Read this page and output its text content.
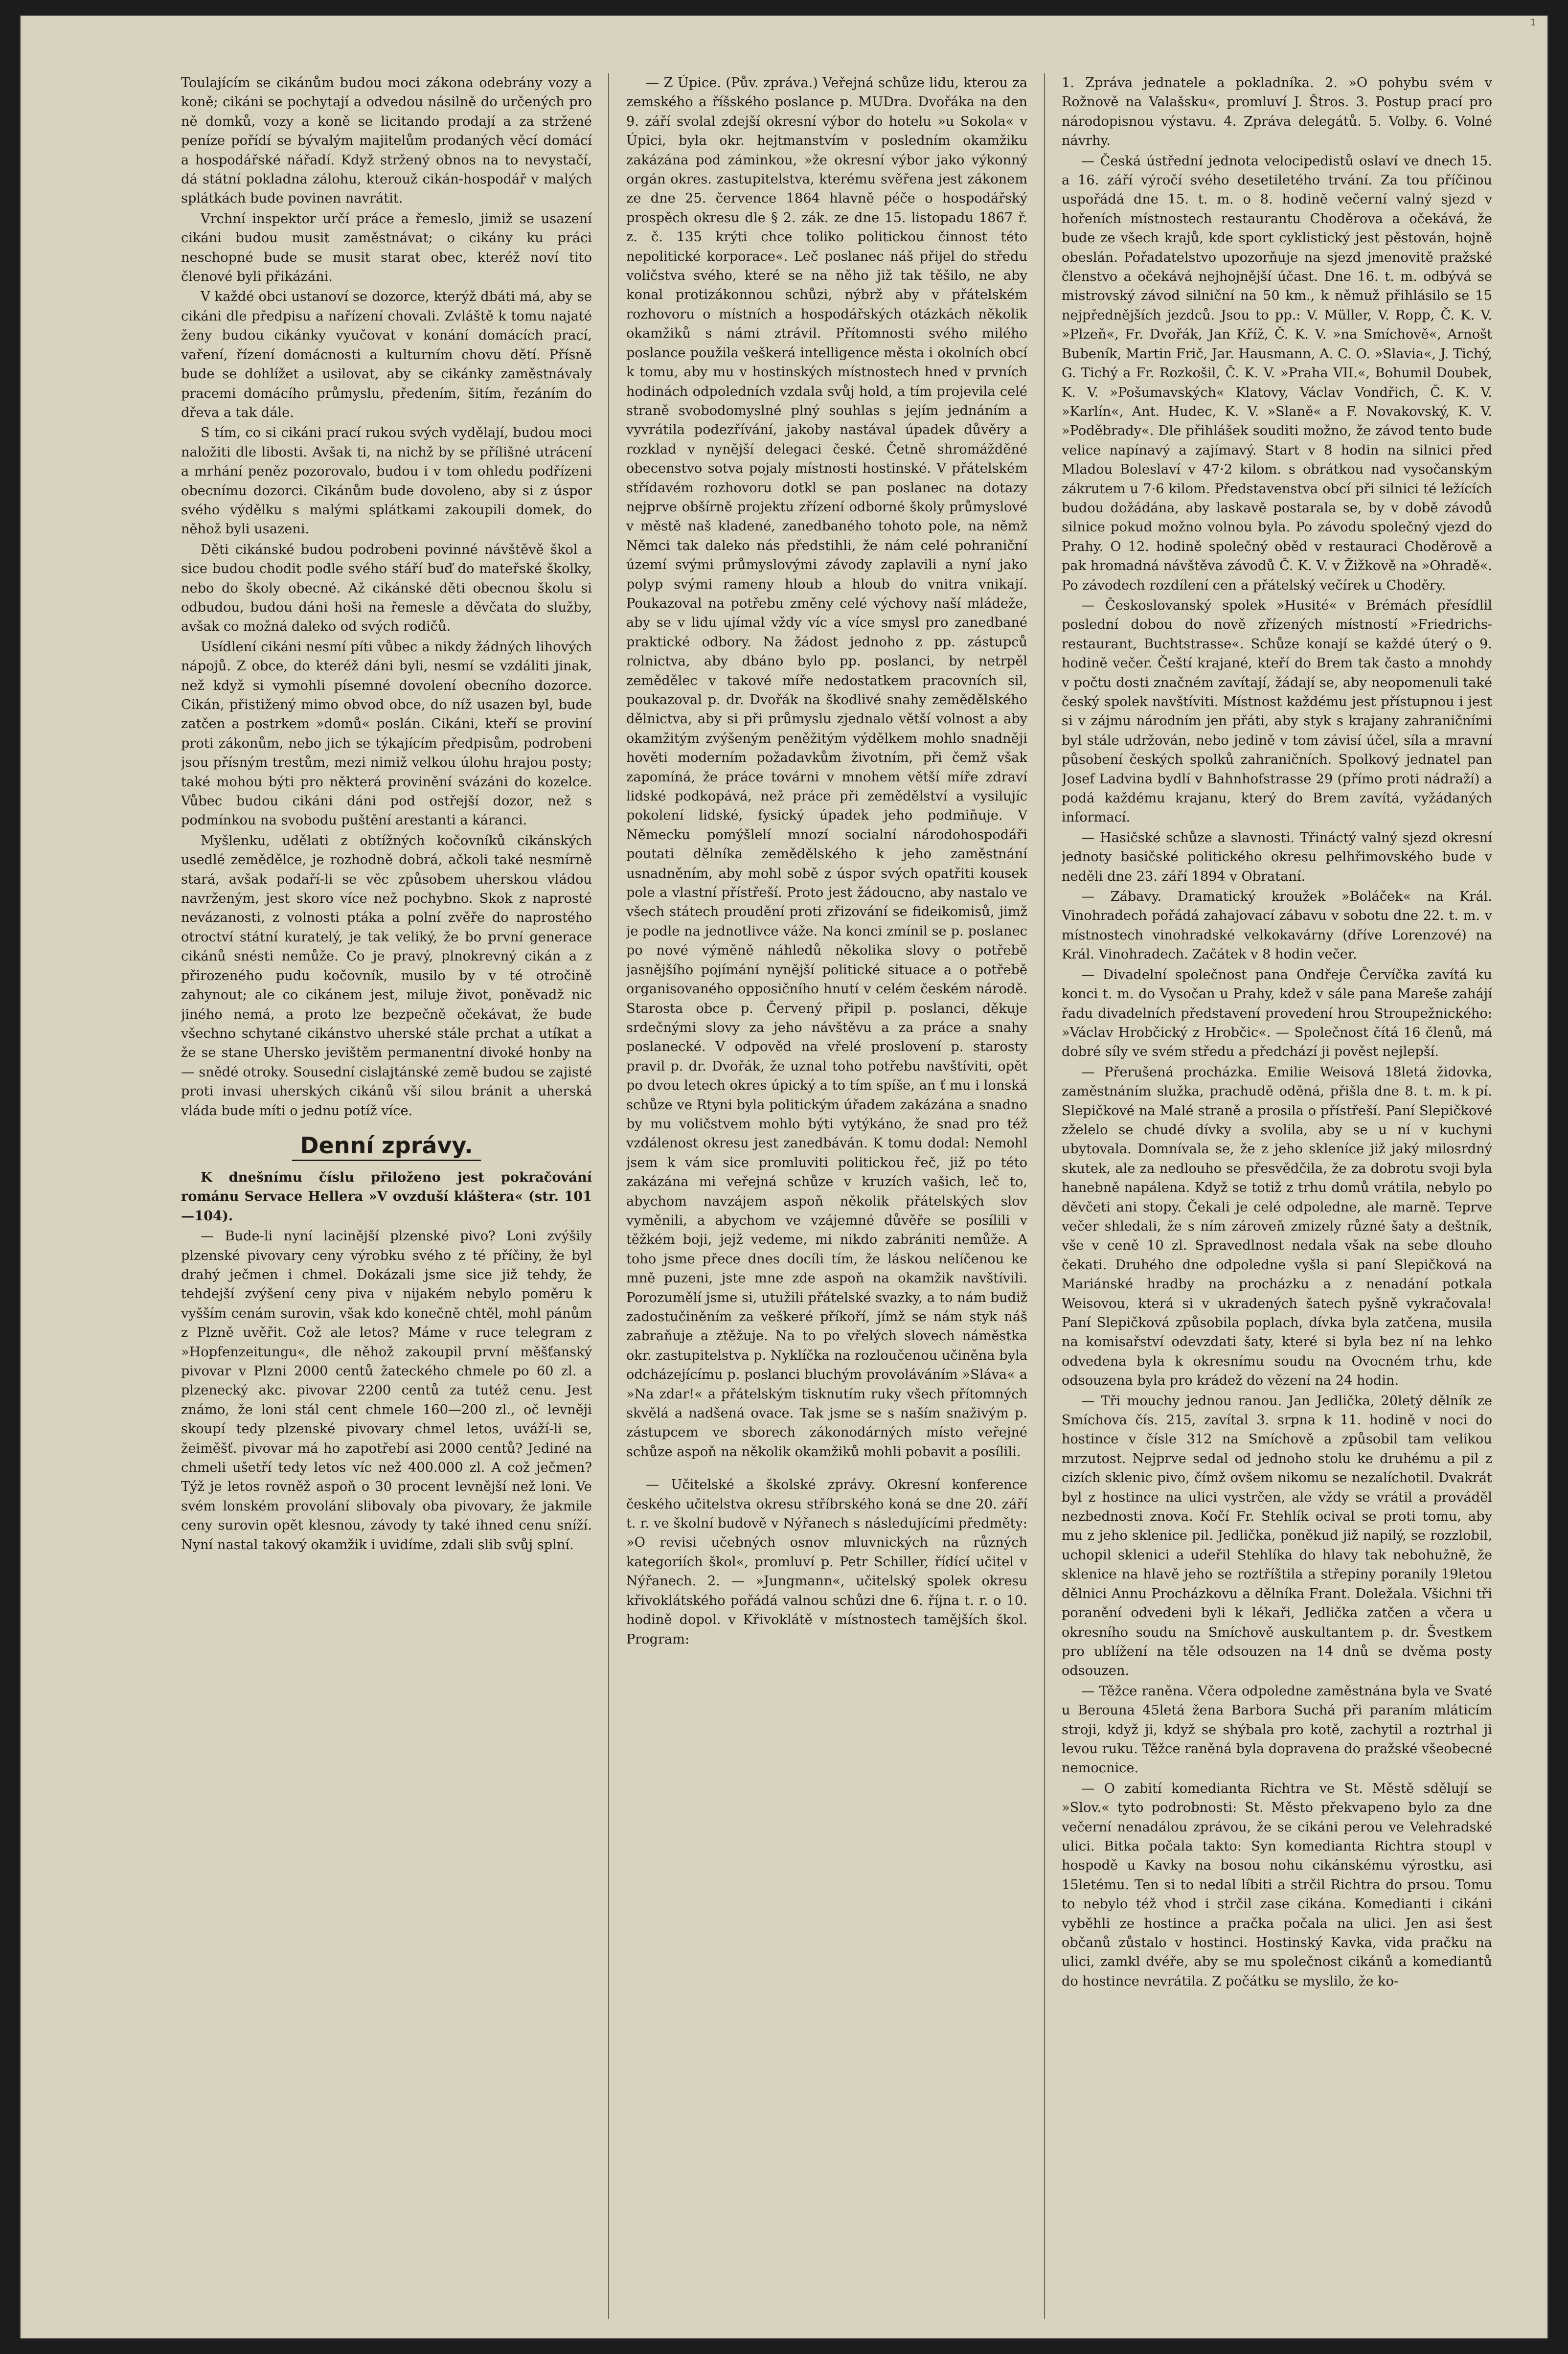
1

Toulajícím se cikánům budou moci zákona odebrány vozy a koně; cikáni se pochytají a odvedou násilně do určených pro ně domků, vozy a koně se licitando prodají a za stržené peníze pořídí se bývalým majitelům prodaných věcí domácí a hospodářské nářadí. Když stržený obnos na to nevystačí, dá státní pokladna zálohu, kterouž cikán-hospodář v malých splátkách bude povinen navrátit.

Vrchní inspektor určí práce a řemeslo, jimiž se usazení cikáni budou musit zaměstnávat; o cikány ku práci neschopné bude se musit starat obec, kteréž noví tito členové byli přikázáni.

V každé obci ustanoví se dozorce, kterýž dbáti má, aby se cikáni dle předpisu a nařízení chovali. Zvláště k tomu najaté ženy budou cikánky vyučovat v konání domácích prací, vaření, řízení domácnosti a kulturním chovu dětí. Přísně bude se dohlížet a usilovat, aby se cikánky zaměstnávaly pracemi domácího průmyslu, předením, šitím, řezáním do dřeva a tak dále.

S tím, co si cikáni prací rukou svých vydělají, budou moci naložiti dle libosti. Avšak ti, na nichž by se přílišné utrácení a mrhání peněz pozorovalo, budou i v tom ohledu podřízeni obecnímu dozorci. Cikánům bude dovoleno, aby si z úspor svého výdělku s malými splátkami zakoupili domek, do něhož byli usazeni.

Děti cikánské budou podrobeni povinné návštěvě škol a sice budou chodit podle svého stáří buď do mateřské školky, nebo do školy obecné. Až cikánské děti obecnou školu si odbudou, budou dáni hoši na řemesle a děvčata do služby, avšak co možná daleko od svých rodičů.

Usídlení cikáni nesmí píti vůbec a nikdy žádných lihových nápojů. Z obce, do kteréž dáni byli, nesmí se vzdáliti jinak, než když si vymohli písemné dovolení obecního dozorce. Cikán, přistižený mimo obvod obce, do níž usazen byl, bude zatčen a postrkem »domů« poslán. Cikáni, kteří se proviní proti zákonům, nebo jich se týkajícím předpisům, podrobeni jsou přísným trestům, mezi nimiž velkou úlohu hrajou posty; také mohou býti pro některá provinění svázáni do kozelce. Vůbec budou cikáni dáni pod ostřejší dozor, než s podmínkou na svobodu puštění arestanti a káranci.

Myšlenku, udělati z obtížných kočovníků cikánských usedlé zemědělce, je rozhodně dobrá, ačkoli také nesmírně stará, avšak podaří-li se věc způsobem uherskou vládou navrženým, jest skoro více než pochybno. Skok z naprosté nevázanosti, z volnosti ptáka a polní zvěře do naprostého otroctví státní kuratelý, je tak veliký, že bo první generace cikánů snésti nemůže. Co je pravý, plnokrevný cikán a z přirozeného pudu kočovník, musilo by v té otročině zahynout; ale co cikánem jest, miluje život, poněvadž nic jiného nemá, a proto lze bezpečně očekávat, že bude všechno schytané cikánstvo uherské stále prchat a utíkat a že se stane Uhersko jevištěm permanentní divoké honby na — snědé otroky. Sousední cislajtánské země budou se zajisté proti invasi uherských cikánů vší silou bránit a uherská vláda bude míti o jednu potíž více.

Denní zprávy.

K dnešnímu číslu přiloženo jest pokračování románu Servace Hellera »V ovzduší kláštera« (str. 101—104).

— Bude-li nyní lacinější plzenské pivo? Loni zvýšily plzenské pivovary ceny výrobku svého z té příčiny, že byl drahý ječmen i chmel. Dokázali jsme sice již tehdy, že tehdejší zvýšení ceny piva v nijakém nebylo poměru k vyšším cenám surovin, však kdo konečně chtěl, mohl pánům z Plzně uvěřit. Což ale letos? Máme v ruce telegram z »Hopfenzeitungu«, dle něhož zakoupil první měšťanský pivovar v Plzni 2000 centů žateckého chmele po 60 zl. a plzenecký akc. pivovar 2200 centů za tutéž cenu. Jest známo, že loni stál cent chmele 160—200 zl., oč levněji skoupí tedy plzenské pivovary chmel letos, uváží-li se, žeiměšť. pivovar má ho zapotřebí asi 2000 centů? Jediné na chmeli ušetří tedy letos víc než 400.000 zl. A což ječmen? Týž je letos rovněž aspoň o 30 procent levnější než loni. Ve svém lonském provolání slibovaly oba pivovary, že jakmile ceny surovin opět klesnou, závody ty také ihned cenu sníží. Nyní nastal takový okamžik i uvidíme, zdali slib svůj splní.

— Z Úpice. (Pův. zpráva.) Veřejná schůze lidu, kterou za zemského a říšského poslance p. MUDra. Dvořáka na den 9. září svolal zdejší okresní výbor do hotelu »u Sokola« v Úpici, byla okr. hejtmanstvím v posledním okamžiku zakázána pod záminkou, »že okresní výbor jako výkonný orgán okres. zastupitelstva, kterému svěřena jest zákonem ze dne 25. července 1864 hlavně péče o hospodářský prospěch okresu dle § 2. zák. ze dne 15. listopadu 1867 ř. z. č. 135 krýti chce toliko politickou činnost této nepolitické korporace«. Leč poslanec náš přijel do středu voličstva svého, které se na něho již tak těšilo, ne aby konal protizákonnou schůzi, nýbrž aby v přátelském rozhovoru o místních a hospodářských otázkách několik okamžiků s námi ztrávil. Přítomnosti svého milého poslance použila veškerá intelligence města i okolních obcí k tomu, aby mu v hostinských místnostech hned v prvních hodinách odpoledních vzdala svůj hold, a tím projevila celé straně svobodomyslné plný souhlas s jejím jednáním a vyvrátila podezřívání, jakoby nastával úpadek důvěry a rozklad v nynější delegaci české. Četně shromážděné obecenstvo sotva pojaly místnosti hostinské. V přátelském střídavém rozhovoru dotkl se pan poslanec na dotazy nejprve obšírně projektu zřízení odborné školy průmyslové v městě naš kladené, zanedbaného tohoto pole, na němž Němci tak daleko nás předstihli, že nám celé pohraniční území svými průmyslovými závody zaplavili a nyní jako polyp svými rameny hloub a hloub do vnitra vnikají. Poukazoval na potřebu změny celé výchovy naší mládeže, aby se v lidu ujímal vždy víc a více smysl pro zanedbané praktické odbory. Na žádost jednoho z pp. zástupců rolnictva, aby dbáno bylo pp. poslanci, by netrpěl zemědělec v takové míře nedostatkem pracovních sil, poukazoval p. dr. Dvořák na škodlivé snahy zemědělského dělnictva, aby si při průmyslu zjednalo větší volnost a aby okamžitým zvýšeným peněžitým výdělkem mohlo snadněji hověti moderním požadavkům životním, při čemž však zapomíná, že práce továrni v mnohem větší míře zdraví lidské podkopává, než práce při zemědělství a vysilujíc pokolení lidské, fysický úpadek jeho podmiňuje. V Německu pomýšlelí mnozí socialní národohospodáři poutati dělníka zemědělského k jeho zaměstnání usnadněním, aby mohl sobě z úspor svých opatřiti kousek pole a vlastní přístřeší. Proto jest žádoucno, aby nastalo ve všech státech proudění proti zřizování se fideikomisů, jimž je podle na jednotlivce váže. Na konci zmínil se p. poslanec po nové výměně náhledů několika slovy o potřebě jasnějšího pojímání nynější politické situace a o potřebě organisovaného opposičního hnutí v celém českém národě. Starosta obce p. Červený připil p. poslanci, děkuje srdečnými slovy za jeho návštěvu a za práce a snahy poslanecké. V odpověd na vřelé proslovení p. starosty pravil p. dr. Dvořák, že uznal toho potřebu navštíviti, opět po dvou letech okres úpický a to tím spíše, an ť mu i lonská schůze ve Rtyni byla politickým úřadem zakázána a snadno by mu voličstvem mohlo býti vytýkáno, že snad pro též vzdálenost okresu jest zanedbáván. K tomu dodal: Nemohl jsem k vám sice promluviti politickou řeč, již po této zakázána mi veřejná schůze v kruzích vašich, leč to, abychom navzájem aspoň několik přátelských slov vyměnili, a abychom ve vzájemné důvěře se posílili v těžkém boji, jejž vedeme, mi nikdo zabrániti nemůže. A toho jsme přece dnes docíli tím, že láskou nelíčenou ke mně puzeni, jste mne zde aspoň na okamžik navštívili. Porozumělí jsme si, utužili přátelské svazky, a to nám budiž zadostučiněním za veškeré příkoří, jímž se nám styk náš zabraňuje a ztěžuje. Na to po vřelých slovech náměstka okr. zastupitelstva p. Nyklíčka na rozloučenou učiněna byla odcházejícímu p. poslanci bluchým provoláváním »Sláva« a »Na zdar!« a přátelským tisknutím ruky všech přítomných skvělá a nadšená ovace. Tak jsme se s naším snaživým p. zástupcem ve sborech zákonodárných místo veřejné schůze aspoň na několik okamžiků mohli pobavit a posílili.

— Učitelské a školské zprávy. Okresní konference českého učitelstva okresu stříbrského koná se dne 20. září t. r. ve školní budově v Nýřanech s následujícími předměty: »O revisi učebných osnov mluvnických na různých kategoriích škol«, promluví p. Petr Schiller, řídící učitel v Nýřanech. 2. — »Jungmann«, učitelský spolek okresu křivoklátského pořádá valnou schůzi dne 6. října t. r. o 10. hodině dopol. v Křivoklátě v místnostech tamějších škol. Program:

1. Zpráva jednatele a pokladníka. 2. »O pohybu svém v Rožnově na Valašsku«, promluví J. Štros. 3. Postup prací pro národopisnou výstavu. 4. Zpráva delegátů. 5. Volby. 6. Volné návrhy.

— Česká ústřední jednota velocipedistů oslaví ve dnech 15. a 16. září výročí svého desetiletého trvání. Za tou příčinou uspořádá dne 15. t. m. o 8. hodině večerní valný sjezd v hořeních místnostech restaurantu Choděrova a očekává, že bude ze všech krajů, kde sport cyklistický jest pěstován, hojně obeslán. Pořadatelstvo upozorňuje na sjezd jmenovitě pražské členstvo a očekává nejhojnější účast. Dne 16. t. m. odbývá se mistrovský závod silniční na 50 km., k němuž přihlásilo se 15 nejpřednějších jezdců. Jsou to pp.: V. Müller, V. Ropp, Č. K. V. »Plzeň«, Fr. Dvořák, Jan Kříž, Č. K. V. »na Smíchově«, Arnošt Bubeník, Martin Frič, Jar. Hausmann, A. C. O. »Slavia«, J. Tichý, G. Tichý a Fr. Rozkošil, Č. K. V. »Praha VII.«, Bohumil Doubek, K. V. »Pošumavských« Klatovy, Václav Vondřich, Č. K. V. »Karlín«, Ant. Hudec, K. V. »Slaně« a F. Novakovský, K. V. »Poděbrady«. Dle přihlášek souditi možno, že závod tento bude velice napínavý a zajímavý. Start v 8 hodin na silnici před Mladou Boleslaví v 47·2 kilom. s obrátkou nad vysočanským zákrutem u 7·6 kilom. Představenstva obcí při silnici té ležících budou dožádána, aby laskavě postarala se, by v době závodů silnice pokud možno volnou byla. Po závodu společný vjezd do Prahy. O 12. hodině společný oběd v restauraci Choděrově a pak hromadná návštěva závodů Č. K. V. v Žižkově na »Ohradě«. Po závodech rozdílení cen a přátelský večírek u Choděry.

— Českoslovanský spolek »Husité« v Brémách přesídlil poslední dobou do nově zřízených místností »Friedrichs-restaurant, Buchtstrasse«. Schůze konají se každé úterý o 9. hodině večer. Čeští krajané, kteří do Brem tak často a mnohdy v počtu dosti značném zavítají, žádají se, aby neopomenuli také český spolek navštíviti. Místnost každému jest přístupnou i jest si v zájmu národním jen přáti, aby styk s krajany zahraničními byl stále udržován, nebo jedině v tom závisí účel, síla a mravní působení českých spolků zahraničních. Spolkový jednatel pan Josef Ladvina bydlí v Bahnhofstrasse 29 (přímo proti nádraží) a podá každému krajanu, který do Brem zavítá, vyžádaných informací.

— Hasičské schůze a slavnosti. Třináctý valný sjezd okresní jednoty basičské politického okresu pelhřimovského bude v neděli dne 23. září 1894 v Obrataní.

— Zábavy. Dramatický kroužek »Boláček« na Král. Vinohradech pořádá zahajovací zábavu v sobotu dne 22. t. m. v místnostech vinohradské velkokavárny (dříve Lorenzové) na Král. Vinohradech. Začátek v 8 hodin večer.

— Divadelní společnost pana Ondřeje Červíčka zavítá ku konci t. m. do Vysočan u Prahy, kdež v sále pana Mareše zahájí řadu divadelních představení provedení hrou Stroupežnického: »Václav Hrobčický z Hrobčic«. — Společnost čítá 16 členů, má dobré síly ve svém středu a předchází ji pověst nejlepší.

— Přerušená procházka. Emilie Weisová 18letá židovka, zaměstnáním služka, prachudě oděná, přišla dne 8. t. m. k pí. Slepičkové na Malé straně a prosila o přístřeší. Paní Slepičkové zželelo se chudé dívky a svolila, aby se u ní v kuchyni ubytovala. Domnívala se, že z jeho skleníce již jaký milosrdný skutek, ale za nedlouho se přesvědčila, že za dobrotu svoji byla hanebně napálena. Když se totiž z trhu domů vrátila, nebylo po děvčeti ani stopy. Čekali je celé odpoledne, ale marně. Teprve večer shledali, že s ním zároveň zmizely různé šaty a deštník, vše v ceně 10 zl. Spravedlnost nedala však na sebe dlouho čekati. Druhého dne odpoledne vyšla si paní Slepičková na Mariánské hradby na procházku a z nenadání potkala Weisovou, která si v ukradených šatech pyšně vykračovala! Paní Slepičková způsobila poplach, dívka byla zatčena, musila na komisařství odevzdati šaty, které si byla bez ní na lehko odvedena byla k okresnímu soudu na Ovocném trhu, kde odsouzena byla pro krádež do vězení na 24 hodin.

— Tři mouchy jednou ranou. Jan Jedlička, 20letý dělník ze Smíchova čís. 215, zavítal 3. srpna k 11. hodině v noci do hostince v čísle 312 na Smíchově a způsobil tam velikou mrzutost. Nejprve sedal od jednoho stolu ke druhému a pil z cizích sklenic pivo, čímž ovšem nikomu se nezalíchotil. Dvakrát byl z hostince na ulici vystrčen, ale vždy se vrátil a prováděl nezbednosti znova. Kočí Fr. Stehlík ocival se proti tomu, aby mu z jeho sklenice pil. Jedlička, poněkud již napilý, se rozzlobil, uchopil sklenici a udeřil Stehlíka do hlavy tak nebohužně, že sklenice na hlavě jeho se roztříštila a střepiny poranily 19letou dělnici Annu Procházkovu a dělníka Frant. Doležala. Všichni tři poranění odvedeni byli k lékaři, Jedlička zatčen a včera u okresního soudu na Smíchově auskultantem p. dr. Švestkem pro ublížení na těle odsouzen na 14 dnů se dvěma posty odsouzen.

— Těžce raněna. Včera odpoledne zaměstnána byla ve Svaté u Berouna 45letá žena Barbora Suchá při paraním mláticím stroji, když ji, když se shýbala pro kotě, zachytil a roztrhal ji levou ruku. Těžce raněná byla dopravena do pražské všeobecné nemocnice.

— O zabití komedianta Richtra ve St. Městě sdělují se »Slov.« tyto podrobnosti: St. Město překvapeno bylo za dne večerní nenadálou zprávou, že se cikáni perou ve Velehradské ulici. Bitka počala takto: Syn komedianta Richtra stoupl v hospodě u Kavky na bosou nohu cikánskému výrostku, asi 15letému. Ten si to nedal líbiti a strčil Richtra do prsou. Tomu to nebylo též vhod i strčil zase cikána. Komedianti i cikáni vyběhli ze hostince a pračka počala na ulici. Jen asi šest občanů zůstalo v hostinci. Hostinský Kavka, vida pračku na ulici, zamkl dvéře, aby se mu společnost cikánů a komediantů do hostince nevrátila. Z počátku se myslilo, že ko-
